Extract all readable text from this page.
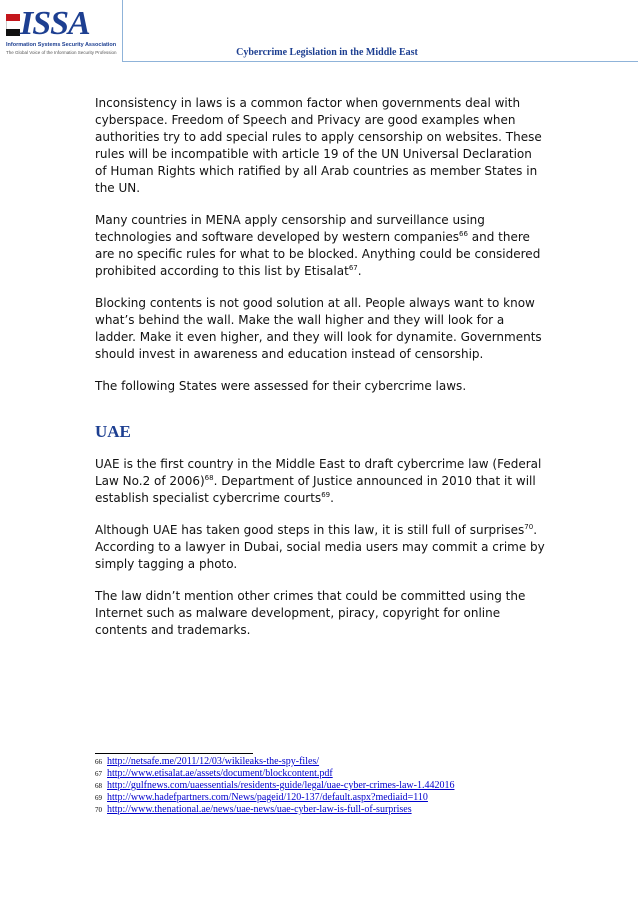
ISSA
Information Systems Security Association
The Global Voice of the Information Security Profession	Cybercrime Legislation in the Middle East

Inconsistency in laws is a common factor when governments deal with cyberspace. Freedom of Speech and Privacy are good examples when authorities try to add special rules to apply censorship on websites. These rules will be incompatible with article 19 of the UN Universal Declaration of Human Rights which ratified by all Arab countries as member States in the UN.

Many countries in MENA apply censorship and surveillance using technologies and software developed by western companies$^{66}$ and there are no specific rules for what to be blocked. Anything could be considered prohibited according to this list by Etisalat$^{67}$.

Blocking contents is not good solution at all. People always want to know what’s behind the wall. Make the wall higher and they will look for a ladder. Make it even higher, and they will look for dynamite. Governments should invest in awareness and education instead of censorship.

The following States were assessed for their cybercrime laws.

UAE

UAE is the first country in the Middle East to draft cybercrime law (Federal Law No.2 of 2006)$^{68}$. Department of Justice announced in 2010 that it will establish specialist cybercrime courts$^{69}$.

Although UAE has taken good steps in this law, it is still full of surprises$^{70}$. According to a lawyer in Dubai, social media users may commit a crime by simply tagging a photo.

The law didn’t mention other crimes that could be committed using the Internet such as malware development, piracy, copyright for online contents and trademarks.

66 http://netsafe.me/2011/12/03/wikileaks-the-spy-files/
67 http://www.etisalat.ae/assets/document/blockcontent.pdf
68 http://gulfnews.com/uaessentials/residents-guide/legal/uae-cyber-crimes-law-1.442016
69 http://www.hadefpartners.com/News/pageid/120-137/default.aspx?mediaid=110
70 http://www.thenational.ae/news/uae-news/uae-cyber-law-is-full-of-surprises
